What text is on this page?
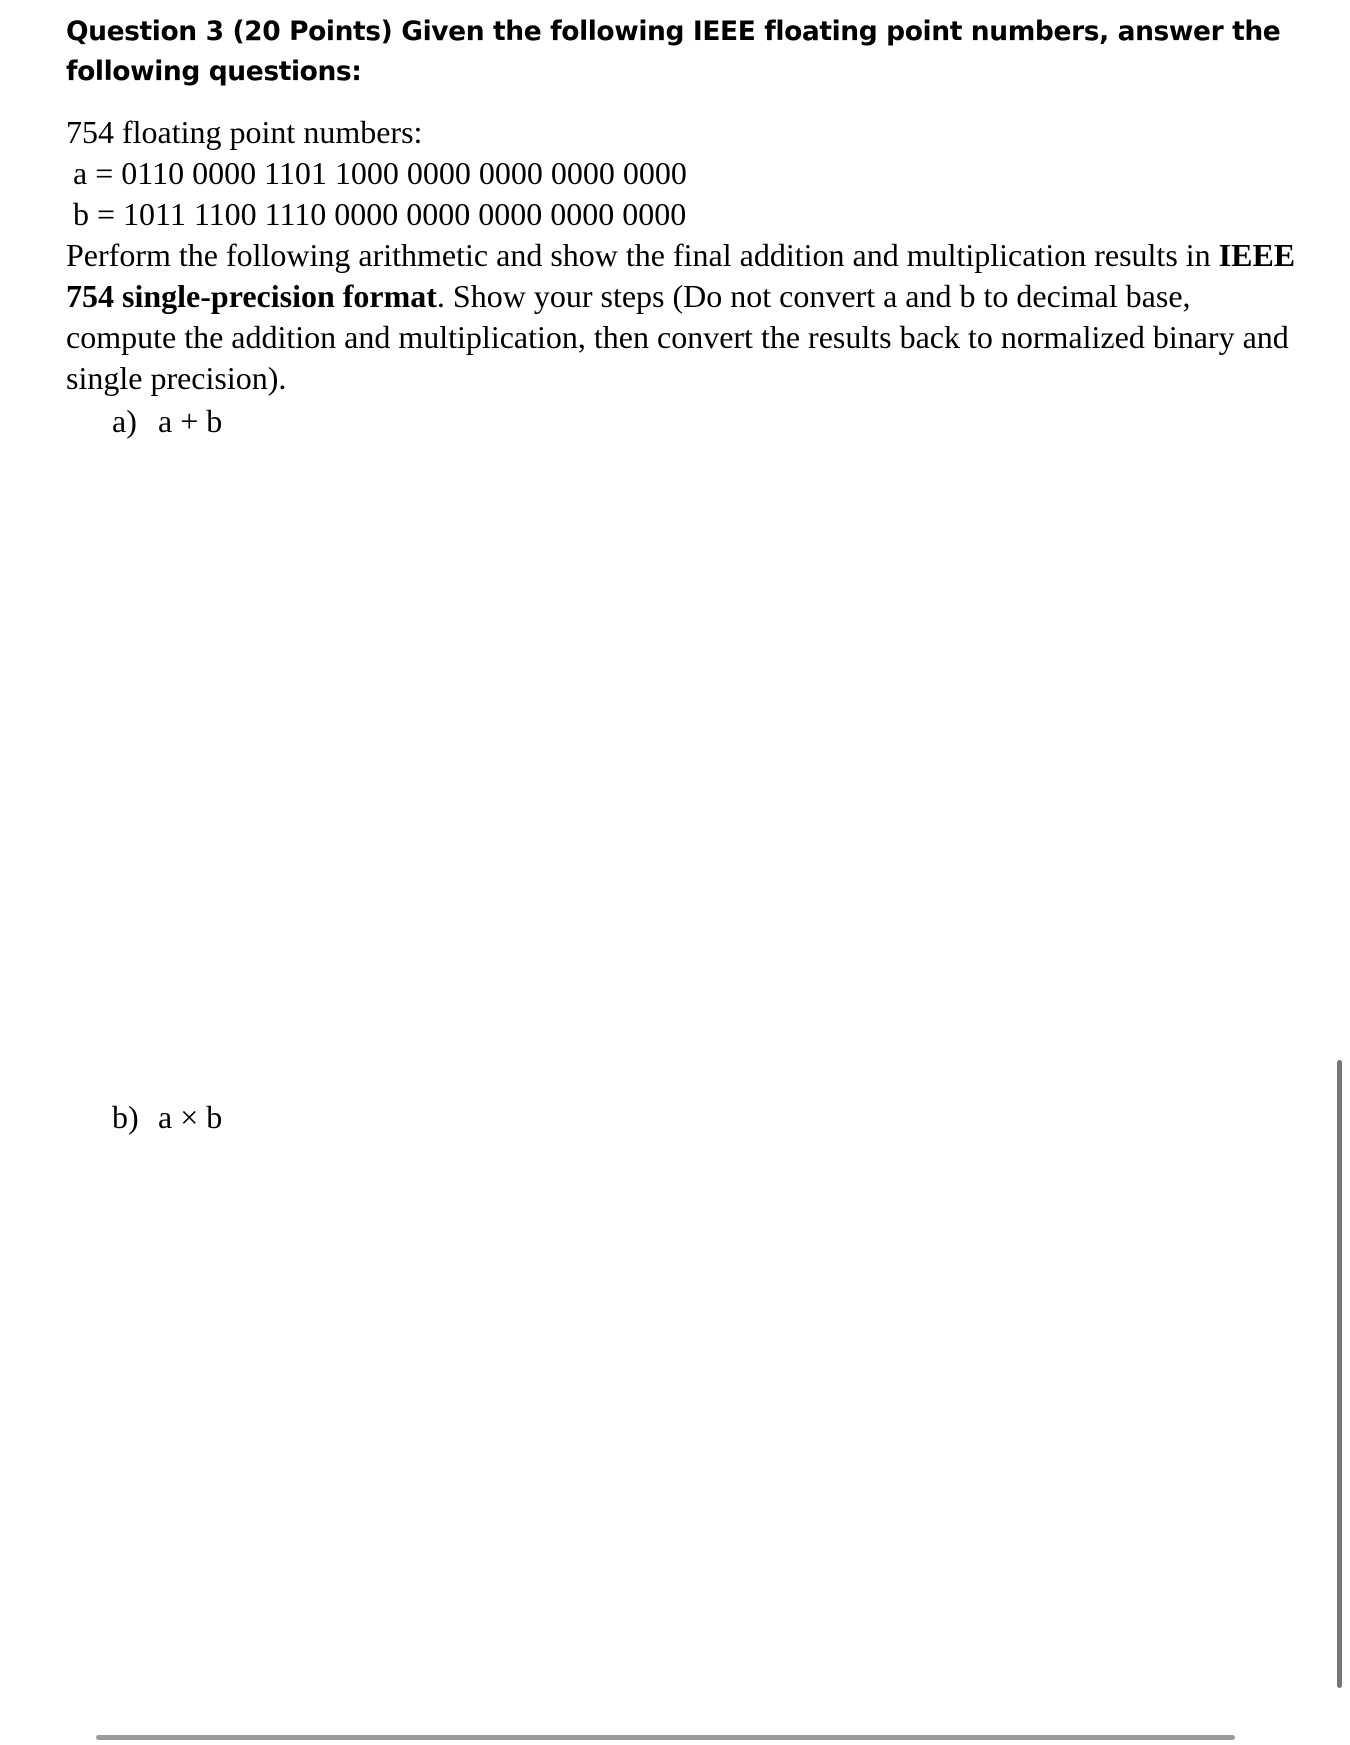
Question 3 (20 Points) Given the following IEEE floating point numbers, answer the following questions:
754 floating point numbers:
a = 0110 0000 1101 1000 0000 0000 0000 0000
b = 1011 1100 1110 0000 0000 0000 0000 0000
Perform the following arithmetic and show the final addition and multiplication results in IEEE 754 single-precision format. Show your steps (Do not convert a and b to decimal base, compute the addition and multiplication, then convert the results back to normalized binary and single precision).
a) a + b
b) a × b
